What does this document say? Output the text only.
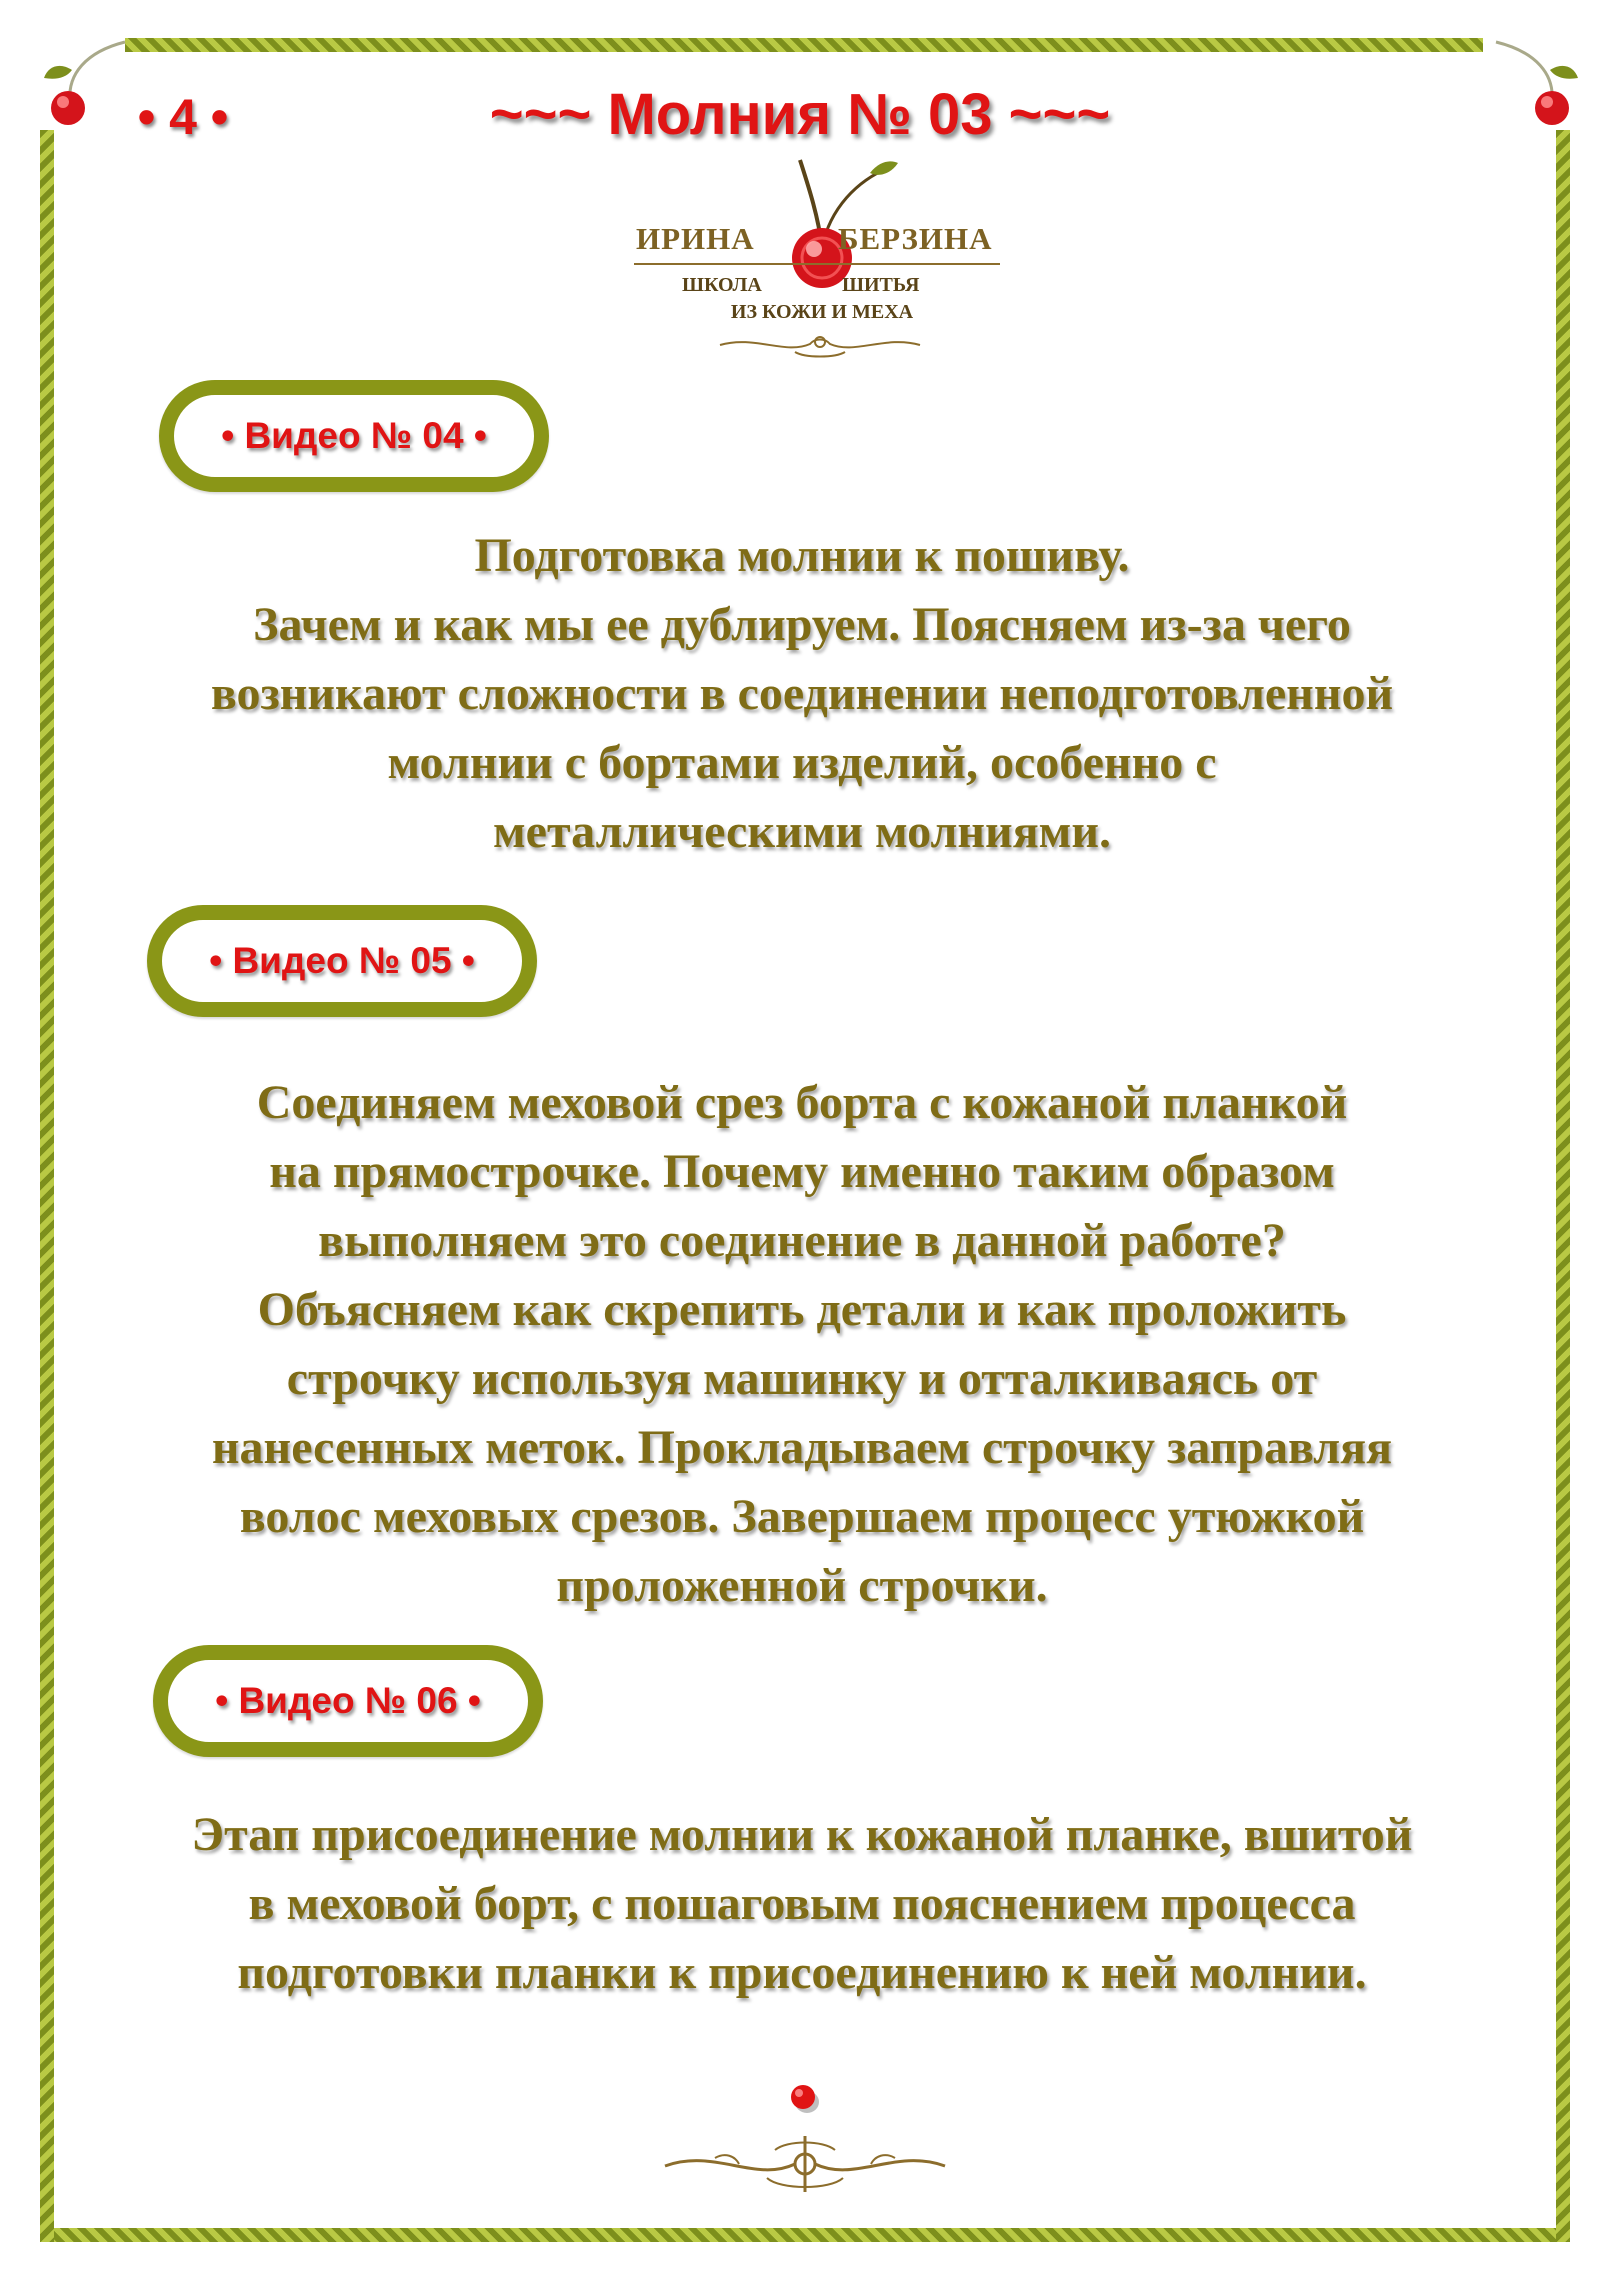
• 4 •	~~~ Молния № 03 ~~~
ИРИНА	БЕРЗИНА
ШКОЛА	ШИТЬЯ
ИЗ КОЖИ И МЕХА
• Видео № 04 •
Подготовка молнии к пошиву.
Зачем и как мы ее дублируем. Поясняем из-за чего
возникают сложности в соединении неподготовленной
молнии с бортами изделий, особенно с
металлическими молниями.
• Видео № 05 •
Соединяем меховой срез борта с кожаной планкой
на прямострочке. Почему именно таким образом
выполняем это соединение в данной работе?
Объясняем как скрепить детали и как проложить
строчку используя машинку и отталкиваясь от
нанесенных меток. Прокладываем строчку заправляя
волос меховых срезов. Завершаем процесс утюжкой
проложенной строчки.
• Видео № 06 •
Этап присоединение молнии к кожаной планке, вшитой
в меховой борт, с пошаговым пояснением процесса
подготовки планки к присоединению к ней молнии.
